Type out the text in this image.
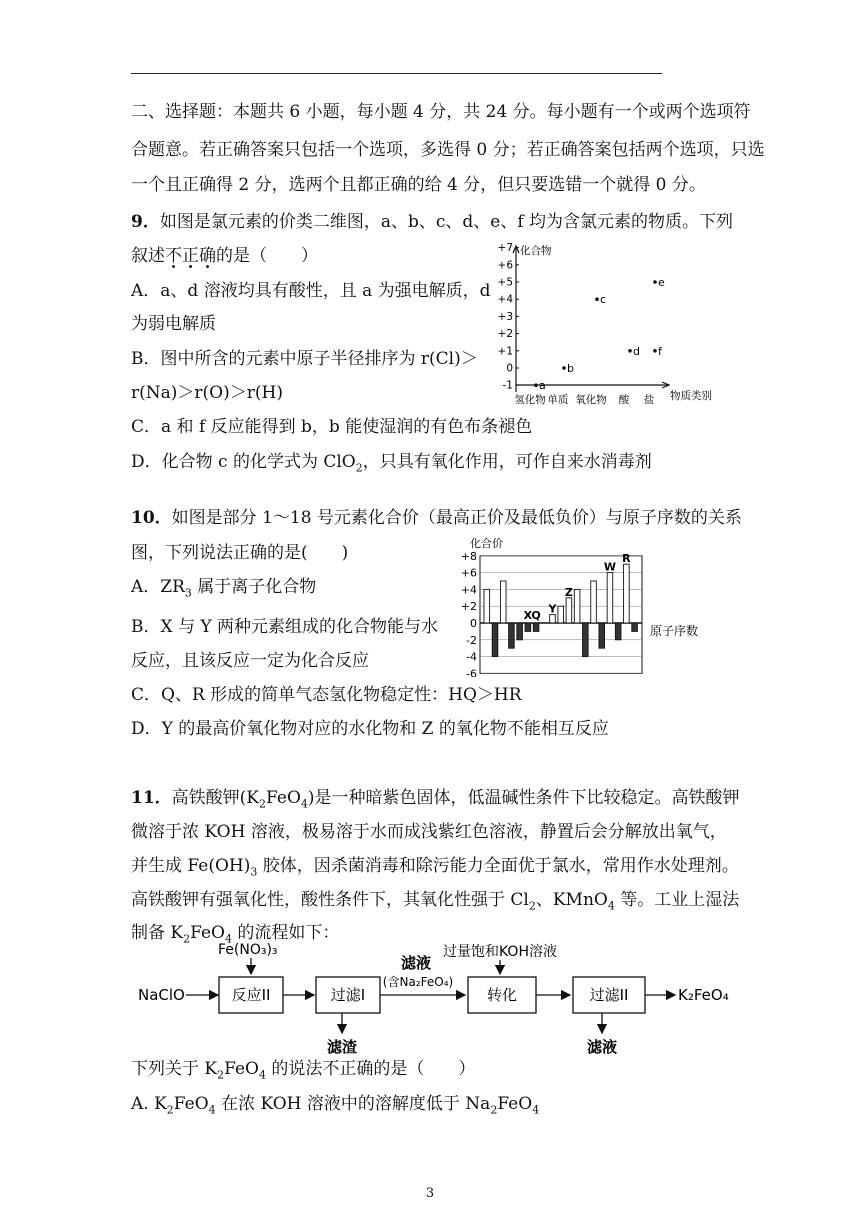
二、选择题：本题共 6 小题，每小题 4 分，共 24 分。每小题有一个或两个选项符
合题意。若正确答案只包括一个选项，多选得 0 分；若正确答案包括两个选项，只选
一个且正确得 2 分，选两个且都正确的给 4 分，但只要选错一个就得 0 分。
9．如图是氯元素的价类二维图，a、b、c、d、e、f 均为含氯元素的物质。下列
叙述不正确的是（　　）
A．a、d 溶液均具有酸性，且 a 为强电解质，d
为弱电解质
B．图中所含的元素中原子半径排序为 r(Cl)＞
r(Na)＞r(O)＞r(H)
C．a 和 f 反应能得到 b，b 能使湿润的有色布条褪色
D．化合物 c 的化学式为 ClO$_2$，只具有氧化作用，可作自来水消毒剂
化合物
物质类别
+7
+6
+5
+4
+3
+2
+1
0
-1
氢化物 单质 氧化物 酸 盐
a
b
c
d
e
f
10．如图是部分 1～18 号元素化合价（最高正价及最低负价）与原子序数的关系
图，下列说法正确的是(　　)
A．$ZR_3$ 属于离子化合物
B．X 与 Y 两种元素组成的化合物能与水
反应，且该反应一定为化合反应
C．Q、R 形成的简单气态氢化物稳定性：HQ＞HR
D．Y 的最高价氧化物对应的水化物和 Z 的氧化物不能相互反应
+8
+6
+4
+2
0
-2
-4
-6
化合价
原子序数
X Q Y
Z
W
R
11．高铁酸钾$(K_2FeO_4)$是一种暗紫色固体，低温碱性条件下比较稳定。高铁酸钾
微溶于浓 KOH 溶液，极易溶于水而成浅紫红色溶液，静置后会分解放出氧气，
并生成 $Fe(OH)_3$ 胶体，因杀菌消毒和除污能力全面优于氯水，常用作水处理剂。
高铁酸钾有强氧化性，酸性条件下，其氧化性强于 $Cl_2$、KMnO$_4$ 等。工业上湿法
制备 $K_2FeO_4$ 的流程如下：
NaClO
Fe(NO₃)₃
反应II	过滤I
滤渣
滤液
(含Na₂FeO₄)
过量饱和KOH溶液
转化	过滤II
滤液
K₂FeO₄
下列关于 $K_2FeO_4$ 的说法不正确的是（　　）
A. $K_2FeO_4$ 在浓 KOH 溶液中的溶解度低于 $Na_2FeO_4$
3
